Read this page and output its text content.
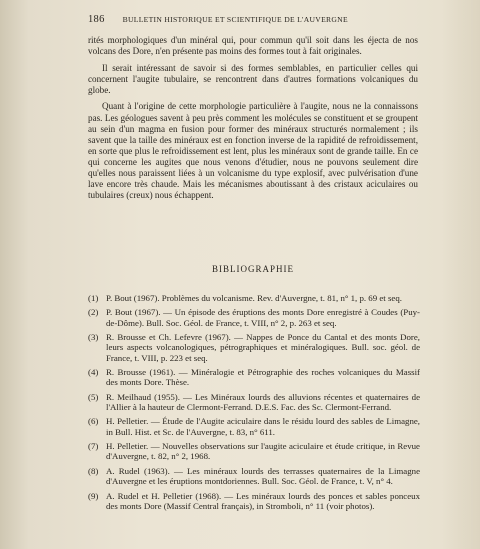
186 BULLETIN HISTORIQUE ET SCIENTIFIQUE DE L'AUVERGNE

rités morphologiques d'un minéral qui, pour commun qu'il soit dans les éjecta de nos volcans des Dore, n'en présente pas moins des formes tout à fait originales.

Il serait intéressant de savoir si des formes semblables, en particulier celles qui concernent l'augite tubulaire, se rencontrent dans d'autres formations volcaniques du globe.

Quant à l'origine de cette morphologie particulière à l'augite, nous ne la connaissons pas. Les géologues savent à peu près comment les molécules se constituent et se groupent au sein d'un magma en fusion pour former des minéraux structurés normalement ; ils savent que la taille des minéraux est en fonction inverse de la rapidité de refroidissement, en sorte que plus le refroidissement est lent, plus les minéraux sont de grande taille. En ce qui concerne les augites que nous venons d'étudier, nous ne pouvons seulement dire qu'elles nous paraissent liées à un volcanisme du type explosif, avec pulvérisation d'une lave encore très chaude. Mais les mécanismes aboutissant à des cristaux aciculaires ou tubulaires (creux) nous échappent.

BIBLIOGRAPHIE
(1) P. Bout (1967). Problèmes du volcanisme. Rev. d'Auvergne, t. 81, n° 1, p. 69 et seq.
(2) P. Bout (1967). — Un épisode des éruptions des monts Dore enregistré à Coudes (Puy-de-Dôme). Bull. Soc. Géol. de France, t. VIII, n° 2, p. 263 et seq.
(3) R. Brousse et Ch. Lefevre (1967). — Nappes de Ponce du Cantal et des monts Dore, leurs aspects volcanologiques, pétrographiques et minéralogiques. Bull. soc. géol. de France, t. VIII, p. 223 et seq.
(4) R. Brousse (1961). — Minéralogie et Pétrographie des roches volcaniques du Massif des monts Dore. Thèse.
(5) R. Meilhaud (1955). — Les Minéraux lourds des alluvions récentes et quaternaires de l'Allier à la hauteur de Clermont-Ferrand. D.E.S. Fac. des Sc. Clermont-Ferrand.
(6) H. Pelletier. — Étude de l'Augite aciculaire dans le résidu lourd des sables de Limagne, in Bull. Hist. et Sc. de l'Auvergne, t. 83, n° 611.
(7) H. Pelletier. — Nouvelles observations sur l'augite aciculaire et étude critique, in Revue d'Auvergne, t. 82, n° 2, 1968.
(8) A. Rudel (1963). — Les minéraux lourds des terrasses quaternaires de la Limagne d'Auvergne et les éruptions montdoriennes. Bull. Soc. Géol. de France, t. V, n° 4.
(9) A. Rudel et H. Pelletier (1968). — Les minéraux lourds des ponces et sables ponceux des monts Dore (Massif Central français), in Stromboli, n° 11 (voir photos).
